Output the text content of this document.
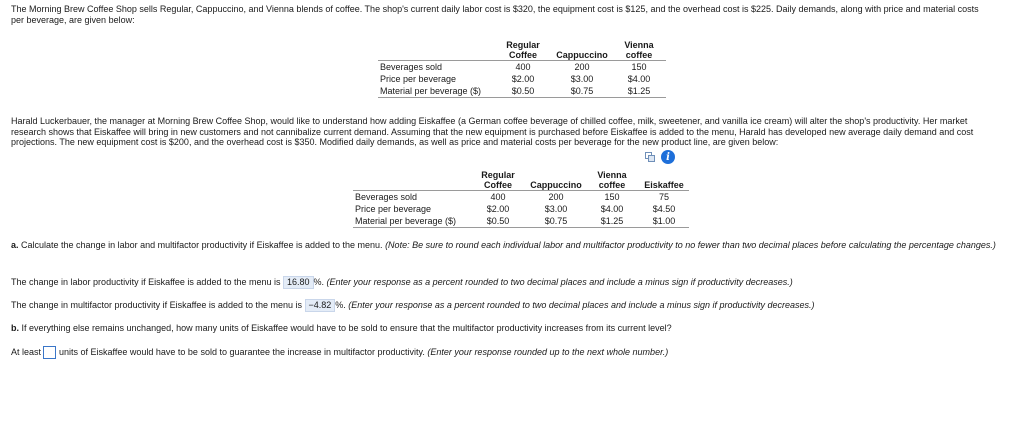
The Morning Brew Coffee Shop sells Regular, Cappuccino, and Vienna blends of coffee. The shop's current daily labor cost is $320, the equipment cost is $125, and the overhead cost is $225. Daily demands, along with price and material costs
per beverage, are given below:

	Regular Coffee	Cappuccino	Vienna coffee
Beverages sold	400	200	150
Price per beverage	$2.00	$3.00	$4.00
Material per beverage ($)	$0.50	$0.75	$1.25

Harald Luckerbauer, the manager at Morning Brew Coffee Shop, would like to understand how adding Eiskaffee (a German coffee beverage of chilled coffee, milk, sweetener, and vanilla ice cream) will alter the shop's productivity. Her market
research shows that Eiskaffee will bring in new customers and not cannibalize current demand. Assuming that the new equipment is purchased before Eiskaffee is added to the menu, Harald has developed new average daily demand and cost
projections. The new equipment cost is $200, and the overhead cost is $350. Modified daily demands, as well as price and material costs per beverage for the new product line, are given below:

i
	Regular Coffee	Cappuccino	Vienna coffee	Eiskaffee
Beverages sold	400	200	150	75
Price per beverage	$2.00	$3.00	$4.00	$4.50
Material per beverage ($)	$0.50	$0.75	$1.25	$1.00

a. Calculate the change in labor and multifactor productivity if Eiskaffee is added to the menu. (Note: Be sure to round each individual labor and multifactor productivity to no fewer than two decimal places before calculating the percentage changes.)

The change in labor productivity if Eiskaffee is added to the menu is 16.80 %. (Enter your response as a percent rounded to two decimal places and include a minus sign if productivity decreases.)

The change in multifactor productivity if Eiskaffee is added to the menu is −4.82 %. (Enter your response as a percent rounded to two decimal places and include a minus sign if productivity decreases.)

b. If everything else remains unchanged, how many units of Eiskaffee would have to be sold to ensure that the multifactor productivity increases from its current level?

At least units of Eiskaffee would have to be sold to guarantee the increase in multifactor productivity.
(Enter your response rounded up to the next whole number.)
